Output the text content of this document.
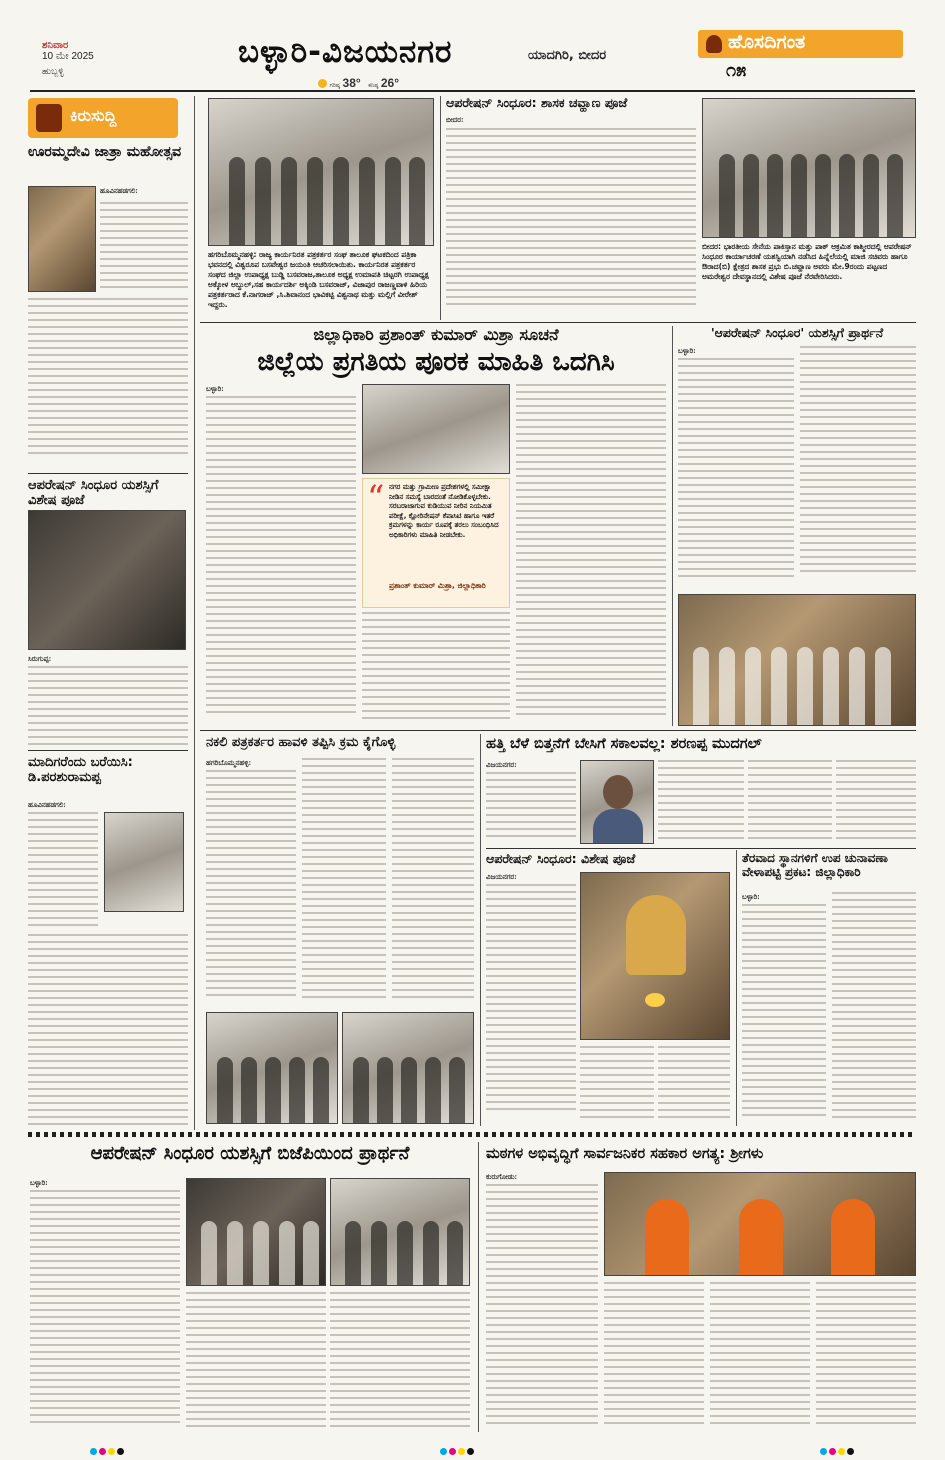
ಶನಿವಾರ
10 ಮೇ 2025
ಹುಬ್ಬಳ್ಳಿ
ಬಳ್ಳಾರಿ-ವಿಜಯನಗರ	ಯಾದಗಿರಿ, ಬೀದರ
ಗರಿಷ್ಠ 38° ಕನಿಷ್ಠ 26°
ಹೊಸದಿಗಂತ
೧೫
ಕಿರುಸುದ್ದಿ
ಊರಮ್ಮದೇವಿ ಜಾತ್ರಾ ಮಹೋತ್ಸವ
ಹೂವಿನಹಡಗಲಿ:
ಆಪರೇಷನ್ ಸಿಂಧೂರ ಯಶಸ್ಸಿಗೆ ವಿಶೇಷ ಪೂಜೆ
ಸಿರುಗುಪ್ಪ:
ಮಾದಿಗರೆಂದು ಬರೆಯಿಸಿ: ಡಿ.ಪರಶುರಾಮಪ್ಪ
ಹೂವಿನಹಡಗಲಿ:
ಹಗರಿಬೊಮ್ಮನಹಳ್ಳಿ: ರಾಜ್ಯ ಕಾರ್ಯನಿರತ ಪತ್ರಕರ್ತರ ಸಂಘ ತಾಲೂಕ ಘಟಕದಿಂದ ಪತ್ರಿಕಾ ಭವನದಲ್ಲಿ ವಿಶ್ವರೂಪ ಬಸವೇಶ್ವರ ಜಯಂತಿ ಆಚರಿಸಲಾಯಿತು. ಕಾರ್ಯನಿರತ ಪತ್ರಕರ್ತರ ಸಂಘದ ಜಿಲ್ಲಾ ಉಪಾಧ್ಯಕ್ಷ ಬುಡ್ಡಿ ಬಸವರಾಜ,ತಾಲೂಕ ಅಧ್ಯಕ್ಷ ಉಮಾಪತಿ ಚಿಟ್ಟರಗಿ ಉಪಾಧ್ಯಕ್ಷ ಅಕ್ಕೋಳ ಅಬ್ದುಲ್,ಸಹ ಕಾರ್ಯದರ್ಶಿ ಅಕ್ಕಿಂಡಿ ಬಸವರಾಜ್, ವಿಜಾಪುರ ರಾಜಣ್ಣವಾಳಿ ಹಿರಿಯ ಪತ್ರಕರ್ತರಾದ ಕೆ.ನಾಗರಾಜ್ ,ಸಿ.ಶಿವಾನಂದ ಭಾವಿಕಟ್ಟಿ ವಿಶ್ವನಾಥ ಮತ್ತು ಮಲ್ಲಿಗೆ ವೀರೇಶ್ ಇದ್ದರು.
ಆಪರೇಷನ್ ಸಿಂಧೂರ: ಶಾಸಕ ಚವ್ಹಾಣ ಪೂಜೆ
ಬೀದರ:
ಬೀದರ: ಭಾರತೀಯ ಸೇನೆಯ ಪಾಕಿಸ್ತಾನ ಮತ್ತು ಪಾಕ್ ಆಕ್ರಮಿತ ಕಾಶ್ಮೀರದಲ್ಲಿ ಆಪರೇಷನ್ ಸಿಂಧೂರ ಕಾರ್ಯಾಚರಣೆ ಯಶಸ್ವಿಯಾಗಿ ನಡೆಸಿದ ಹಿನ್ನೆಲೆಯಲ್ಲಿ ಮಾಜಿ ಸಚಿವರು ಹಾಗೂ ಔರಾದ(ಬಿ) ಕ್ಷೇತ್ರದ ಶಾಸಕ ಪ್ರಭು ಬಿ.ಚವ್ಹಾಣ ಅವರು ಮೇ.9ರಂದು ಪಟ್ಟಣದ ಅಮರೇಶ್ವರ ದೇವಸ್ಥಾನದಲ್ಲಿ ವಿಶೇಷ ಪೂಜೆ ನೆರವೇರಿಸಿದರು.
ಜಿಲ್ಲಾಧಿಕಾರಿ ಪ್ರಶಾಂತ್ ಕುಮಾರ್ ಮಿಶ್ರಾ ಸೂಚನೆ
ಜಿಲ್ಲೆಯ ಪ್ರಗತಿಯ ಪೂರಕ ಮಾಹಿತಿ ಒದಗಿಸಿ
ಬಳ್ಳಾರಿ:
“ ನಗರ ಮತ್ತು ಗ್ರಾಮೀಣ ಪ್ರದೇಶಗಳಲ್ಲಿ ಸಮೀಕ್ಷಾ ನೀಡಿನ ಸಮಸ್ಯೆ ಬಾರದಂತೆ ನೋಡಿಕೊಳ್ಳಬೇಕು. ಸರಬರಾಜಾಗುವ ಕುಡಿಯುವ ನೀರಿನ ನಿಯಮಿತ ಪರೀಕ್ಷೆ, ಕ್ಲೋರಿನೇಷನ್ ಕೆಪಾಸಿಟಿ ಹಾಗೂ ಇತರೆ ಕ್ರಮಗಳನ್ನು ಕಾರ್ಯ ರೂಪಕ್ಕೆ ತರಲು ಸಂಬಂಧಿಸಿದ ಅಧಿಕಾರಿಗಳು ಮಾಹಿತಿ ನೀಡಬೇಕು.
ಪ್ರಶಾಂತ್ ಕುಮಾರ್ ಮಿಶ್ರಾ, ಜಿಲ್ಲಾಧಿಕಾರಿ
'ಆಪರೇಷನ್ ಸಿಂಧೂರ' ಯಶಸ್ಸಿಗೆ ಪ್ರಾರ್ಥನೆ
ಬಳ್ಳಾರಿ:
ನಕಲಿ ಪತ್ರಕರ್ತರ ಹಾವಳಿ ತಪ್ಪಿಸಿ ಕ್ರಮ ಕೈಗೊಳ್ಳಿ
ಹಗರಿಬೊಮ್ಮನಹಳ್ಳಿ:
ಹತ್ತಿ ಬೆಳೆ ಬಿತ್ತನೆಗೆ ಬೇಸಿಗೆ ಸಕಾಲವಲ್ಲ: ಶರಣಪ್ಪ ಮುದಗಲ್
ವಿಜಯನಗರ:
ಆಪರೇಷನ್ ಸಿಂಧೂರ: ವಿಶೇಷ ಪೂಜೆ
ವಿಜಯನಗರ:
ತೆರವಾದ ಸ್ಥಾನಗಳಿಗೆ ಉಪ ಚುನಾವಣಾ ವೇಳಾಪಟ್ಟಿ ಪ್ರಕಟ: ಜಿಲ್ಲಾಧಿಕಾರಿ
ಬಳ್ಳಾರಿ:
ಆಪರೇಷನ್ ಸಿಂಧೂರ ಯಶಸ್ಸಿಗೆ ಬಿಜೆಪಿಯಿಂದ ಪ್ರಾರ್ಥನೆ
ಬಳ್ಳಾರಿ:
ಮಠಗಳ ಅಭಿವೃದ್ಧಿಗೆ ಸಾರ್ವಜನಿಕರ ಸಹಕಾರ ಅಗತ್ಯ: ಶ್ರೀಗಳು
ಕುರುಗೋಡು:
